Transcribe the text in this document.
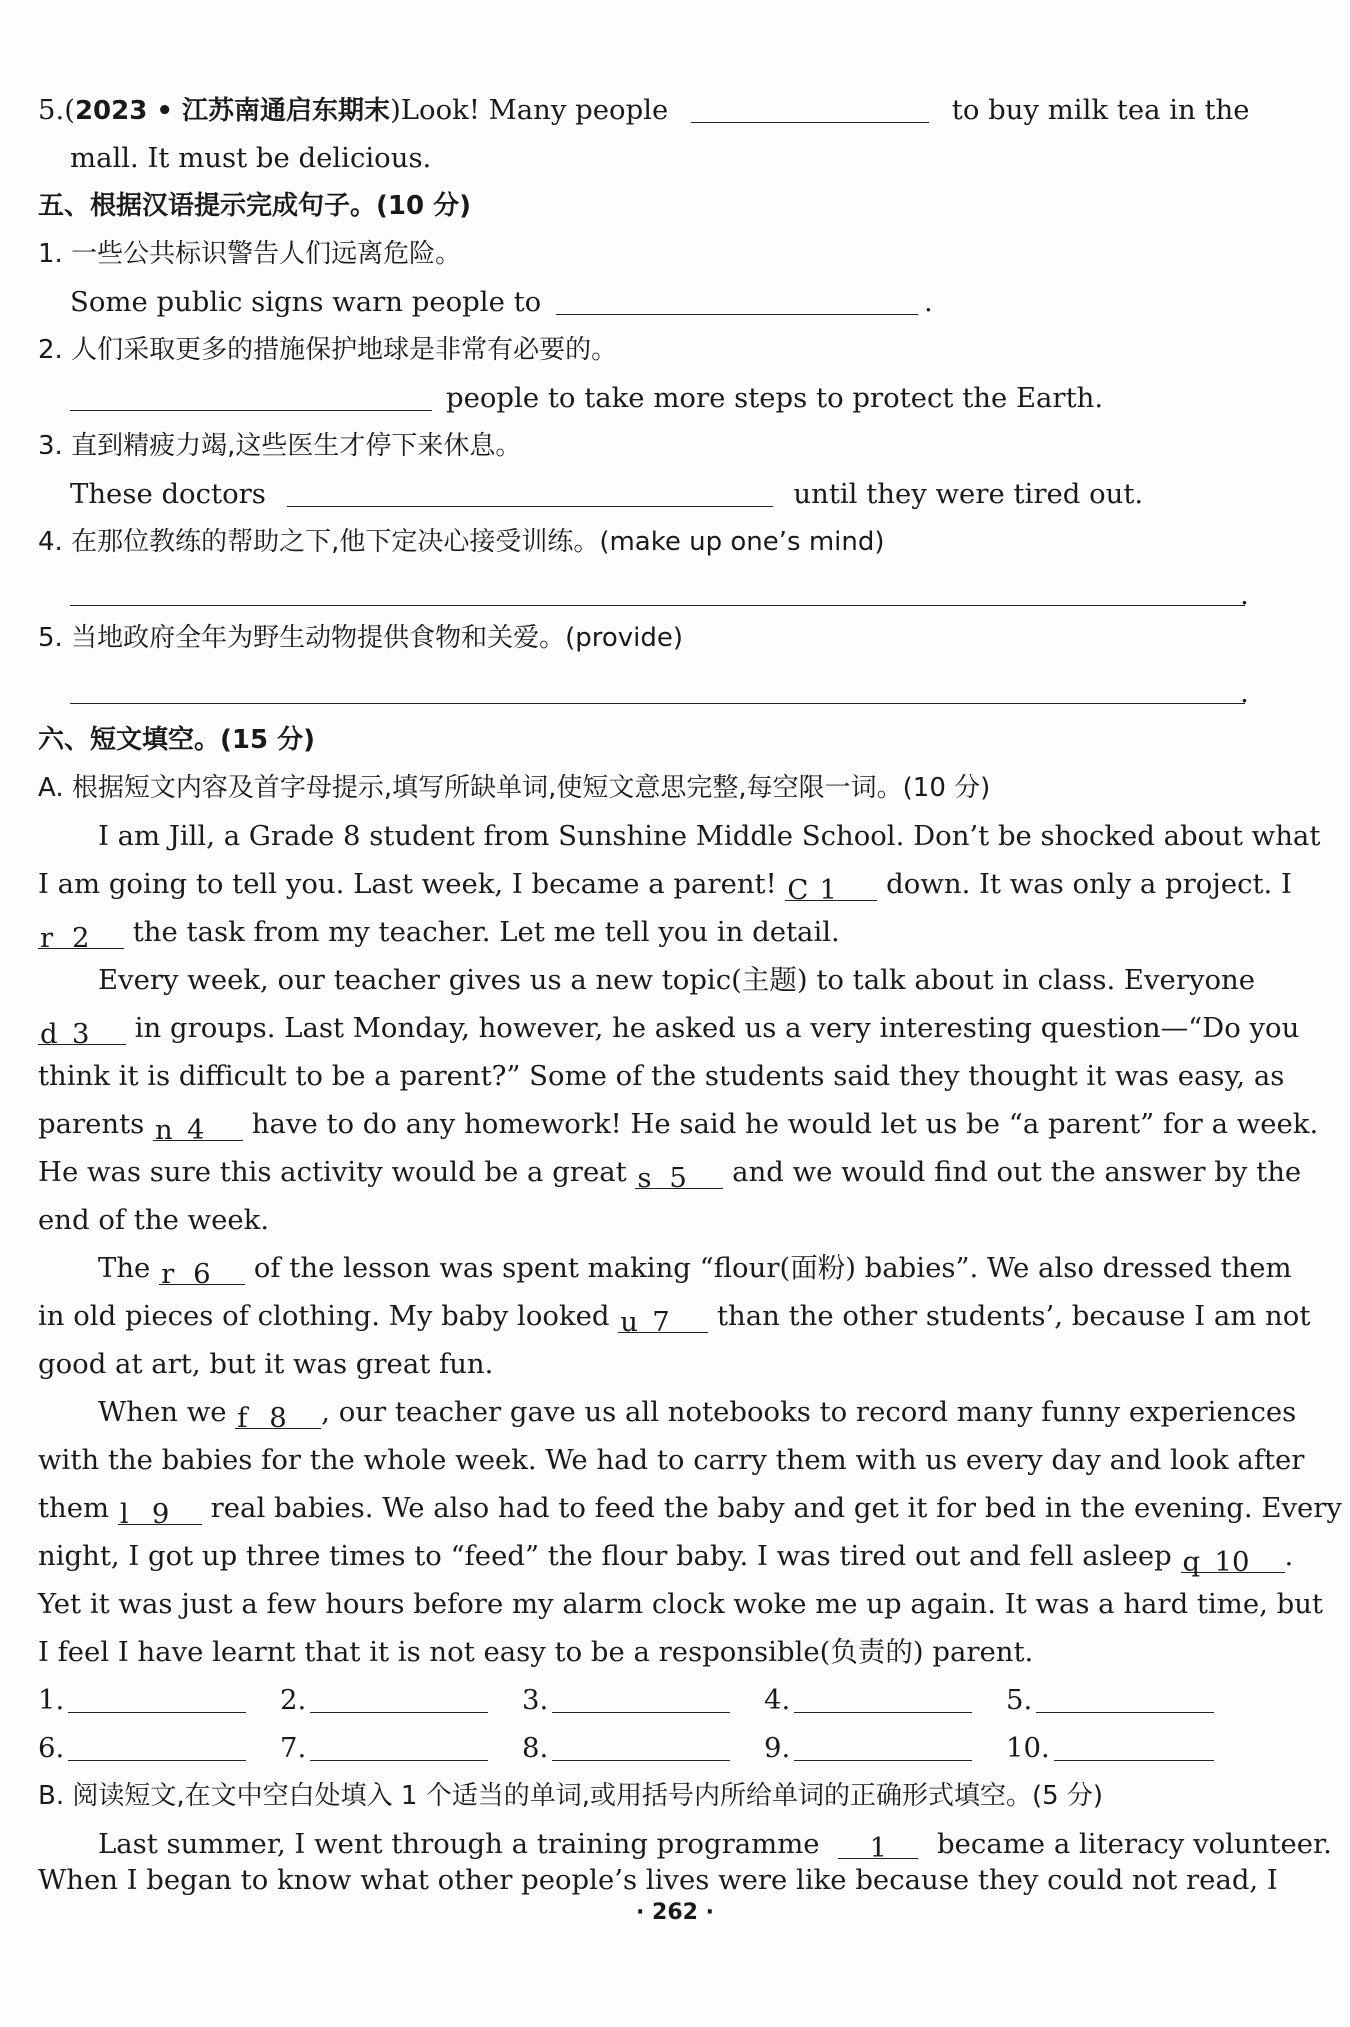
5.(2023 • 江苏南通启东期末)Look! Many people	to buy milk tea in the
mall. It must be delicious.
五、根据汉语提示完成句子。(10 分)
1. 一些公共标识警告人们远离危险。
Some public signs warn people to	.
2. 人们采取更多的措施保护地球是非常有必要的。
people to take more steps to protect the Earth.
3. 直到精疲力竭,这些医生才停下来休息。
These doctors	until they were tired out.
4. 在那位教练的帮助之下,他下定决心接受训练。(make up one’s mind)
.
5. 当地政府全年为野生动物提供食物和关爱。(provide)
.
六、短文填空。(15 分)
A. 根据短文内容及首字母提示,填写所缺单词,使短文意思完整,每空限一词。(10 分)
I am Jill, a Grade 8 student from Sunshine Middle School. Don’t be shocked about what
I am going to tell you. Last week, I became a parent! C 1 down. It was only a project. I
r 2 the task from my teacher. Let me tell you in detail.
Every week, our teacher gives us a new topic(主题) to talk about in class. Everyone
d 3 in groups. Last Monday, however, he asked us a very interesting question—“Do you
think it is difficult to be a parent?” Some of the students said they thought it was easy, as
parents n 4 have to do any homework! He said he would let us be “a parent” for a week.
He was sure this activity would be a great s 5 and we would find out the answer by the
end of the week.
The r 6 of the lesson was spent making “flour(面粉) babies”. We also dressed them
in old pieces of clothing. My baby looked u 7 than the other students’, because I am not
good at art, but it was great fun.
When we f 8 , our teacher gave us all notebooks to record many funny experiences
with the babies for the whole week. We had to carry them with us every day and look after
them l 9 real babies. We also had to feed the baby and get it for bed in the evening. Every
night, I got up three times to “feed” the flour baby. I was tired out and fell asleep q 10 .
Yet it was just a few hours before my alarm clock woke me up again. It was a hard time, but
I feel I have learnt that it is not easy to be a responsible(负责的) parent.
1.	2.	3.	4.	5.
6.	7.	8.	9.	10.
B. 阅读短文,在文中空白处填入 1 个适当的单词,或用括号内所给单词的正确形式填空。(5 分)
Last summer, I went through a training programme 1 became a literacy volunteer.
When I began to know what other people’s lives were like because they could not read, I
· 262 ·
